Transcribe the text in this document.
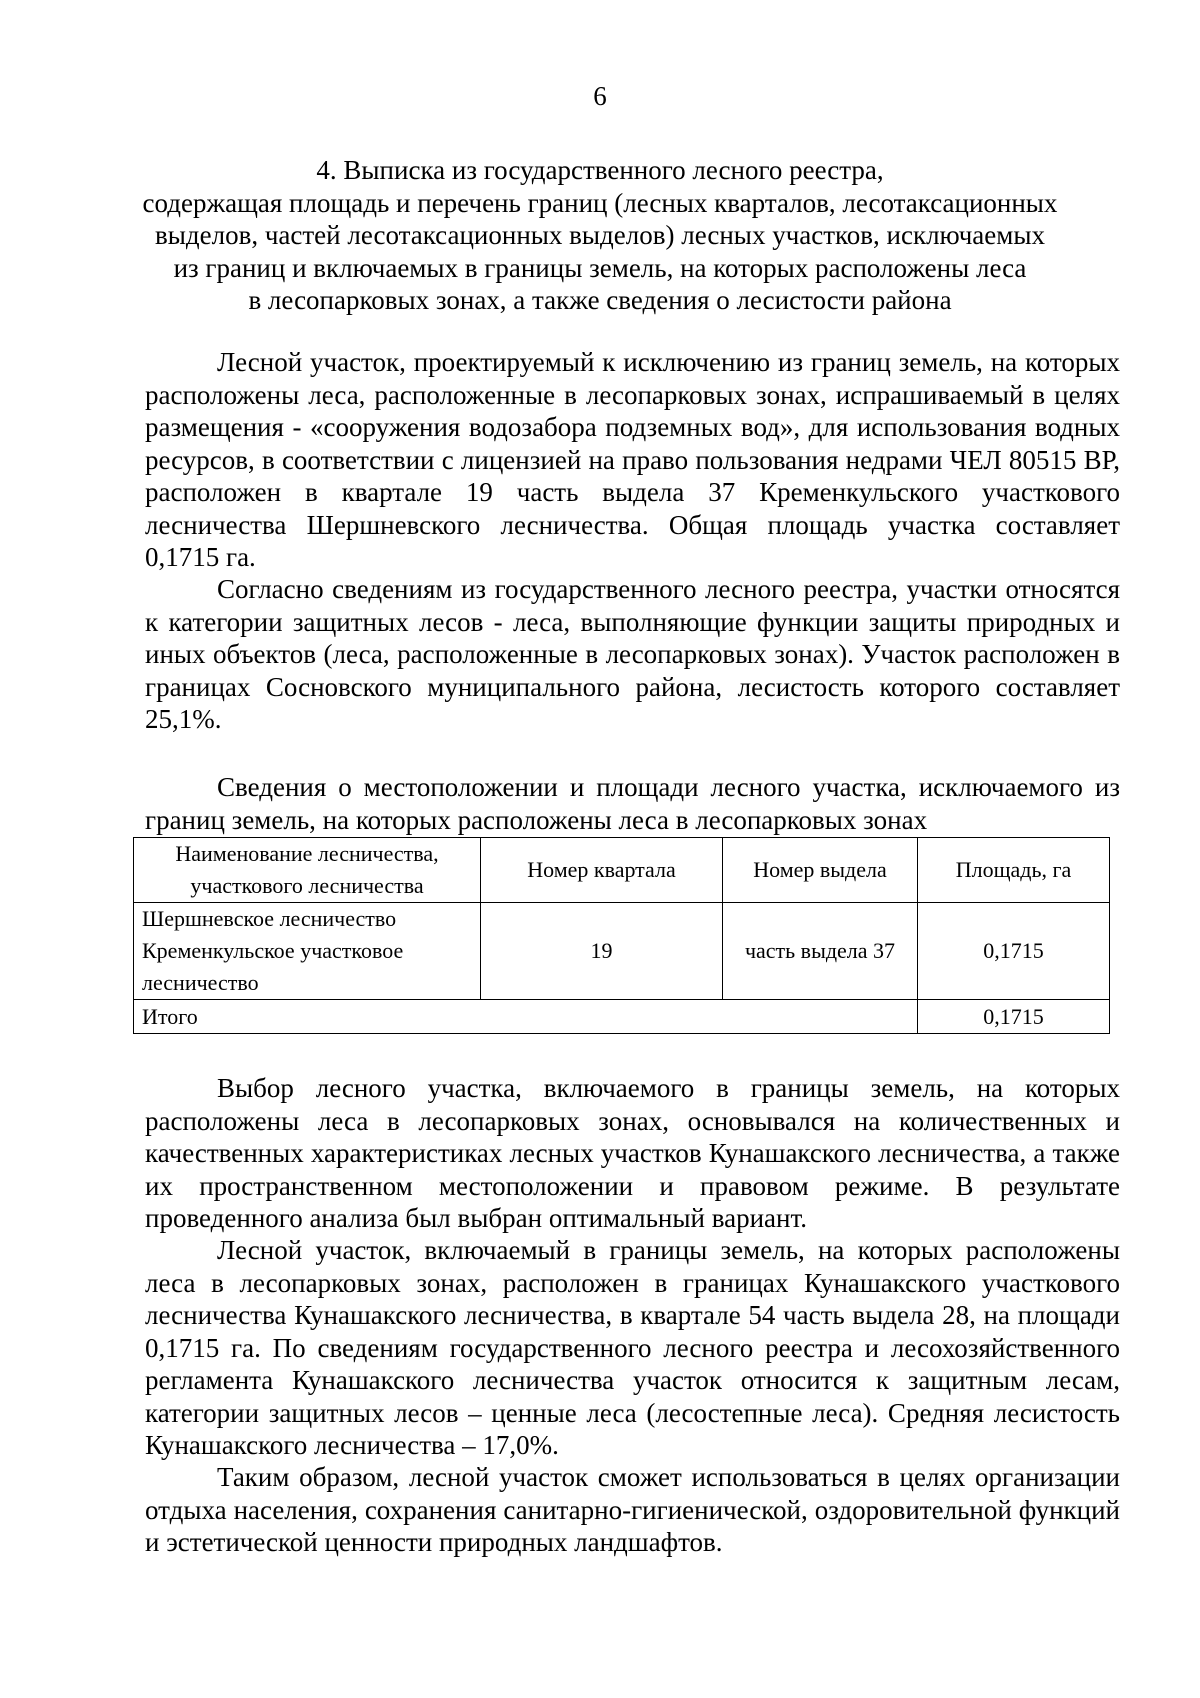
6
4. Выписка из государственного лесного реестра,
содержащая площадь и перечень границ (лесных кварталов, лесотаксационных
выделов, частей лесотаксационных выделов) лесных участков, исключаемых
из границ и включаемых в границы земель, на которых расположены леса
в лесопарковых зонах, а также сведения о лесистости района

Лесной участок, проектируемый к исключению из границ земель, на которых расположены леса, расположенные в лесопарковых зонах, испрашиваемый в целях размещения - «сооружения водозабора подземных вод», для использования водных ресурсов, в соответствии с лицензией на право пользования недрами ЧЕЛ 80515 ВР, расположен в квартале 19 часть выдела 37 Кременкульского участкового лесничества Шершневского лесничества. Общая площадь участка составляет 0,1715 га.

Согласно сведениям из государственного лесного реестра, участки относятся к категории защитных лесов - леса, выполняющие функции защиты природных и иных объектов (леса, расположенные в лесопарковых зонах). Участок расположен в границах Сосновского муниципального района, лесистость которого составляет 25,1%.

Сведения о местоположении и площади лесного участка, исключаемого из границ земель, на которых расположены леса в лесопарковых зонах

Наименование лесничества, участкового лесничества	Номер квартала	Номер выдела	Площадь, га
Шершневское лесничество Кременкульское участковое лесничество	19	часть выдела 37	0,1715
Итого			0,1715

Выбор лесного участка, включаемого в границы земель, на которых расположены леса в лесопарковых зонах, основывался на количественных и качественных характеристиках лесных участков Кунашакского лесничества, а также их пространственном местоположении и правовом режиме. В результате проведенного анализа был выбран оптимальный вариант.

Лесной участок, включаемый в границы земель, на которых расположены леса в лесопарковых зонах, расположен в границах Кунашакского участкового лесничества Кунашакского лесничества, в квартале 54 часть выдела 28, на площади 0,1715 га. По сведениям государственного лесного реестра и лесохозяйственного регламента Кунашакского лесничества участок относится к защитным лесам, категории защитных лесов – ценные леса (лесостепные леса). Средняя лесистость Кунашакского лесничества – 17,0%.

Таким образом, лесной участок сможет использоваться в целях организации отдыха населения, сохранения санитарно-гигиенической, оздоровительной функций и эстетической ценности природных ландшафтов.
